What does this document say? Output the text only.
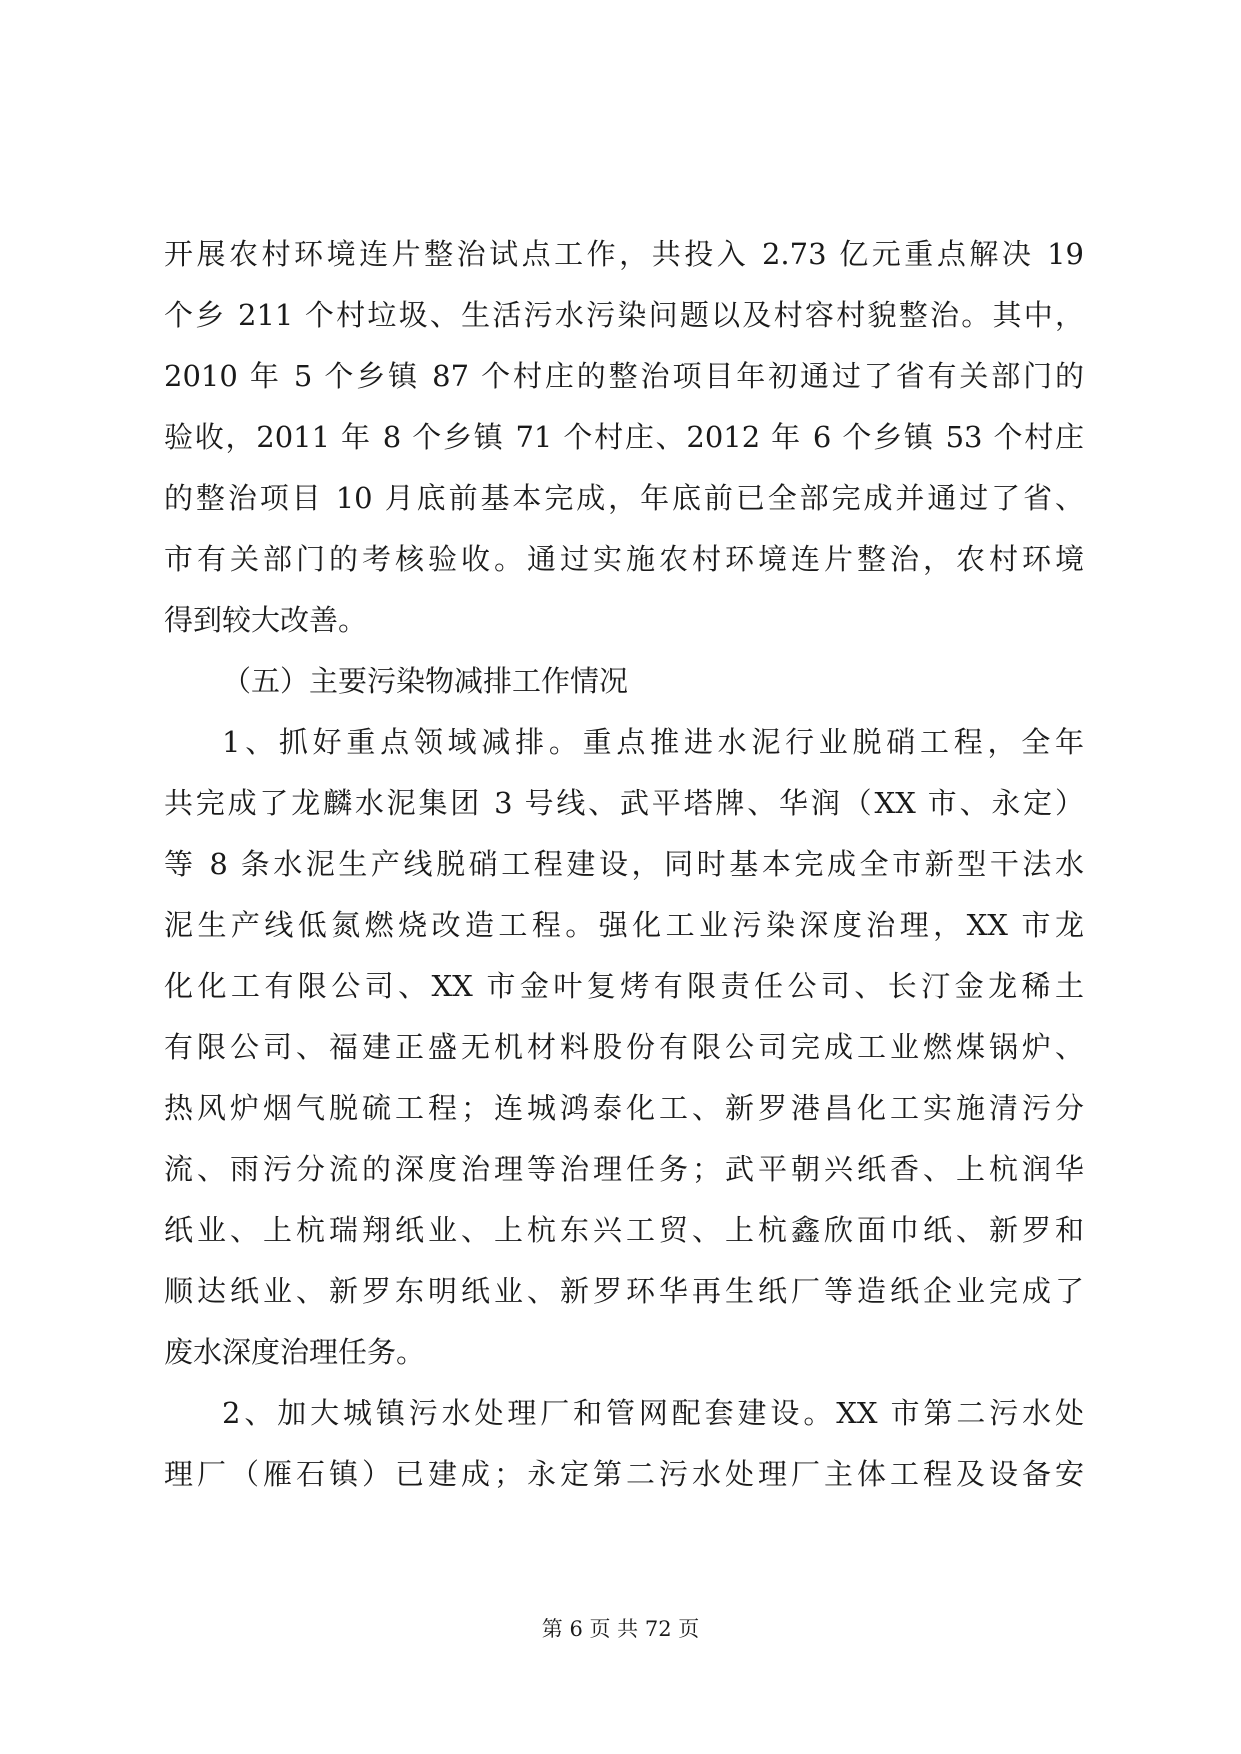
开展农村环境连片整治试点工作，共投入 2.73 亿元重点解决 19
个乡 211 个村垃圾、生活污水污染问题以及村容村貌整治。其中，
2010 年 5 个乡镇 87 个村庄的整治项目年初通过了省有关部门的
验收，2011 年 8 个乡镇 71 个村庄、2012 年 6 个乡镇 53 个村庄
的整治项目 10 月底前基本完成，年底前已全部完成并通过了省、
市有关部门的考核验收。通过实施农村环境连片整治，农村环境
得到较大改善。
（五）主要污染物减排工作情况
1、抓好重点领域减排。重点推进水泥行业脱硝工程，全年
共完成了龙麟水泥集团 3 号线、武平塔牌、华润（XX 市、永定）
等 8 条水泥生产线脱硝工程建设，同时基本完成全市新型干法水
泥生产线低氮燃烧改造工程。强化工业污染深度治理，XX 市龙
化化工有限公司、XX 市金叶复烤有限责任公司、长汀金龙稀土
有限公司、福建正盛无机材料股份有限公司完成工业燃煤锅炉、
热风炉烟气脱硫工程；连城鸿泰化工、新罗港昌化工实施清污分
流、雨污分流的深度治理等治理任务；武平朝兴纸香、上杭润华
纸业、上杭瑞翔纸业、上杭东兴工贸、上杭鑫欣面巾纸、新罗和
顺达纸业、新罗东明纸业、新罗环华再生纸厂等造纸企业完成了
废水深度治理任务。
2、加大城镇污水处理厂和管网配套建设。XX 市第二污水处
理厂（雁石镇）已建成；永定第二污水处理厂主体工程及设备安
第 6 页 共 72 页
